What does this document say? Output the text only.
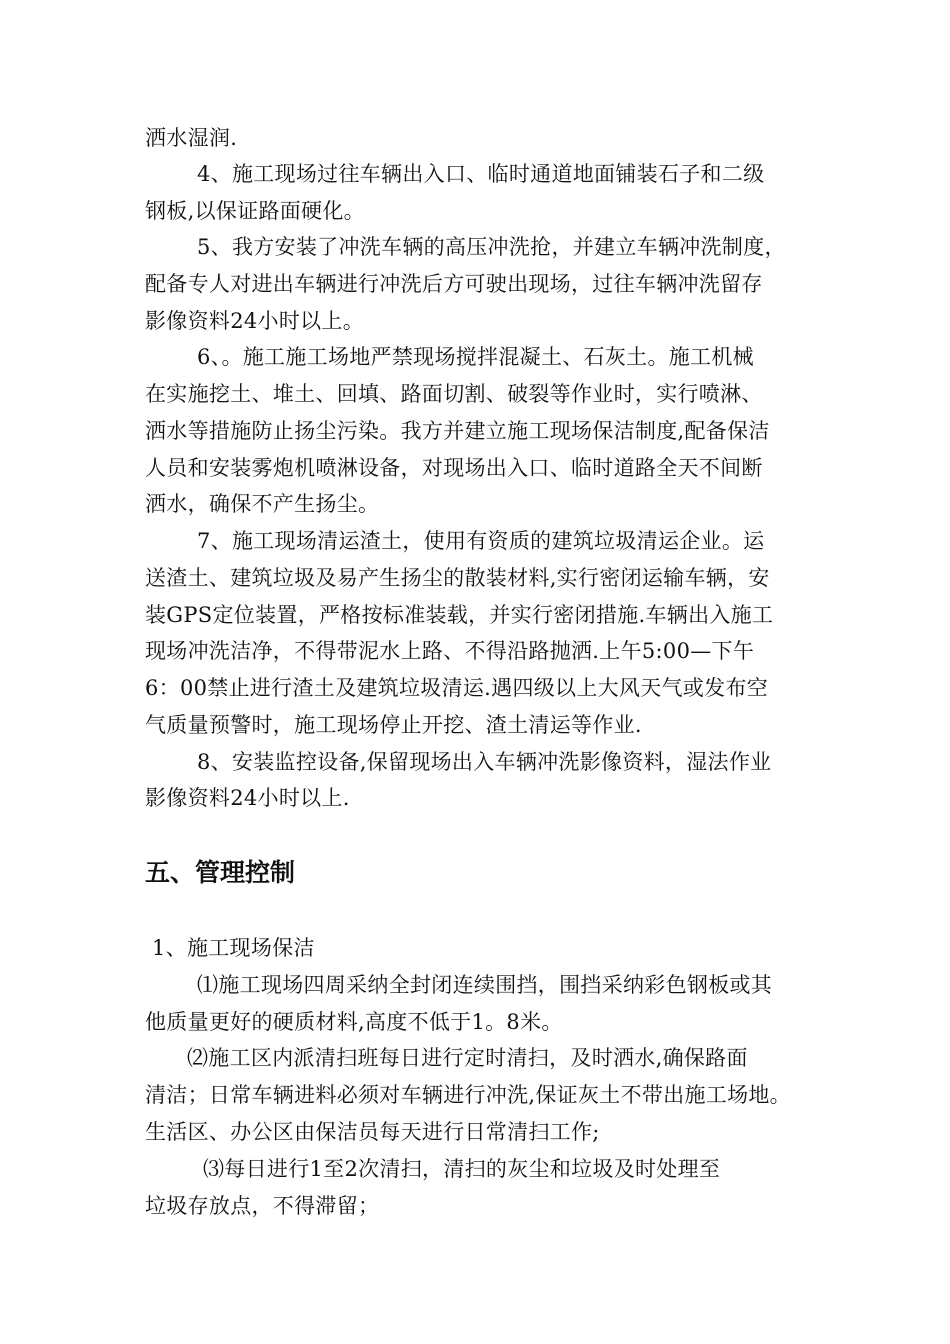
洒水湿润.
4、施工现场过往车辆出入口、临时通道地面铺装石子和二级
钢板,以保证路面硬化。
5、我方安装了冲洗车辆的高压冲洗抢，并建立车辆冲洗制度，
配备专人对进出车辆进行冲洗后方可驶出现场，过往车辆冲洗留存
影像资料24小时以上。
6、。施工施工场地严禁现场搅拌混凝土、石灰土。施工机械
在实施挖土、堆土、回填、路面切割、破裂等作业时，实行喷淋、
洒水等措施防止扬尘污染。我方并建立施工现场保洁制度,配备保洁
人员和安装雾炮机喷淋设备，对现场出入口、临时道路全天不间断
洒水，确保不产生扬尘。
7、施工现场清运渣土，使用有资质的建筑垃圾清运企业。运
送渣土、建筑垃圾及易产生扬尘的散装材料,实行密闭运输车辆，安
装GPS定位装置，严格按标准装载，并实行密闭措施.车辆出入施工
现场冲洗洁净，不得带泥水上路、不得沿路抛洒.上午5:00—下午
6：00禁止进行渣土及建筑垃圾清运.遇四级以上大风天气或发布空
气质量预警时，施工现场停止开挖、渣土清运等作业.
8、安装监控设备,保留现场出入车辆冲洗影像资料，湿法作业
影像资料24小时以上.
五、管理控制
1、施工现场保洁
⑴施工现场四周采纳全封闭连续围挡，围挡采纳彩色钢板或其
他质量更好的硬质材料,高度不低于1。8米。
⑵施工区内派清扫班每日进行定时清扫，及时洒水,确保路面
清洁；日常车辆进料必须对车辆进行冲洗,保证灰土不带出施工场地。
生活区、办公区由保洁员每天进行日常清扫工作;
⑶每日进行1至2次清扫，清扫的灰尘和垃圾及时处理至
垃圾存放点，不得滞留；
